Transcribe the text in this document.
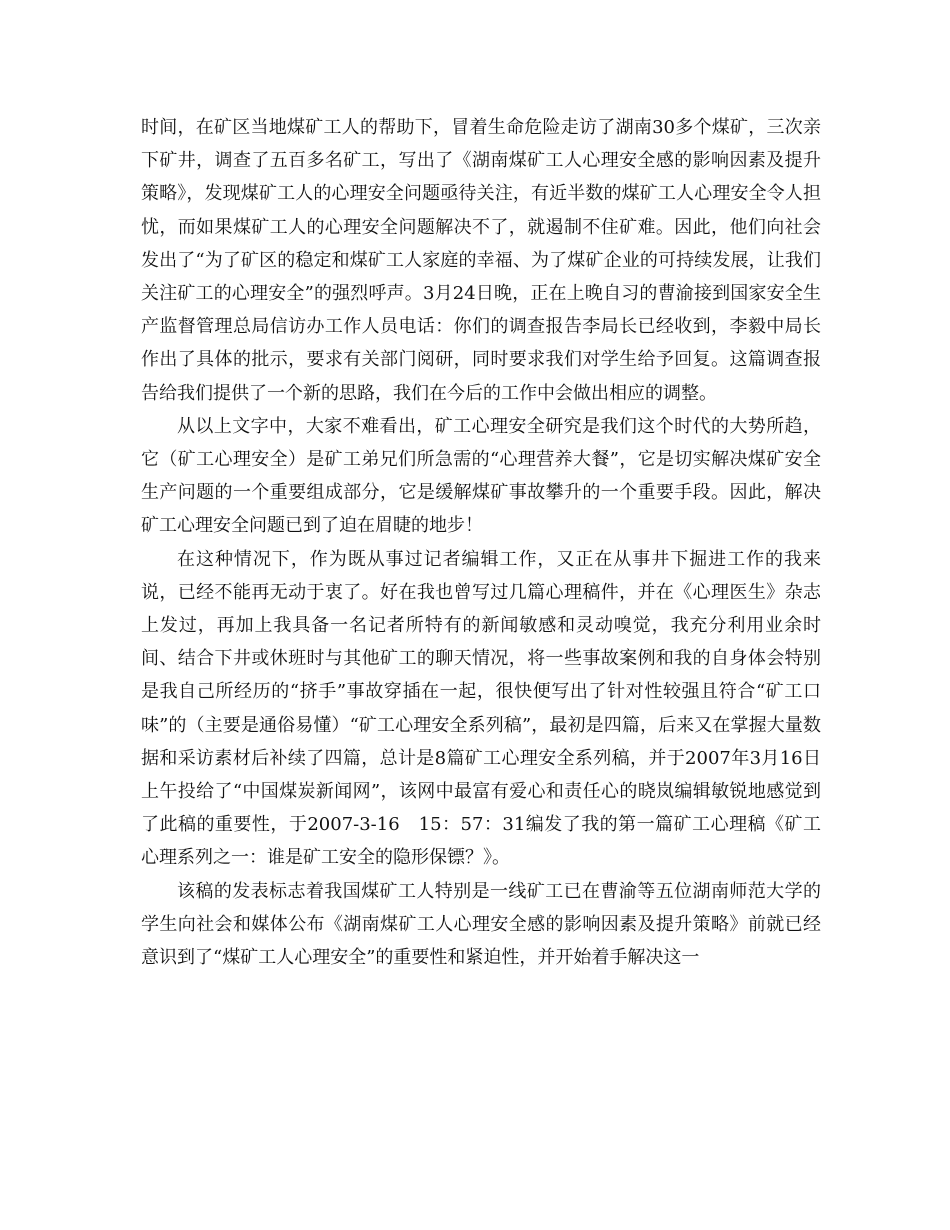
时间，在矿区当地煤矿工人的帮助下，冒着生命危险走访了湖南30多个煤矿，三次亲下矿井，调查了五百多名矿工，写出了《湖南煤矿工人心理安全感的影响因素及提升策略》，发现煤矿工人的心理安全问题亟待关注，有近半数的煤矿工人心理安全令人担忧，而如果煤矿工人的心理安全问题解决不了，就遏制不住矿难。因此，他们向社会发出了“为了矿区的稳定和煤矿工人家庭的幸福、为了煤矿企业的可持续发展，让我们关注矿工的心理安全”的强烈呼声。3月24日晚，正在上晚自习的曹渝接到国家安全生产监督管理总局信访办工作人员电话：你们的调查报告李局长已经收到，李毅中局长作出了具体的批示，要求有关部门阅研，同时要求我们对学生给予回复。这篇调查报告给我们提供了一个新的思路，我们在今后的工作中会做出相应的调整。

从以上文字中，大家不难看出，矿工心理安全研究是我们这个时代的大势所趋，它（矿工心理安全）是矿工弟兄们所急需的“心理营养大餐”，它是切实解决煤矿安全生产问题的一个重要组成部分，它是缓解煤矿事故攀升的一个重要手段。因此，解决矿工心理安全问题已到了迫在眉睫的地步！

在这种情况下，作为既从事过记者编辑工作，又正在从事井下掘进工作的我来说，已经不能再无动于衷了。好在我也曾写过几篇心理稿件，并在《心理医生》杂志上发过，再加上我具备一名记者所特有的新闻敏感和灵动嗅觉，我充分利用业余时间、结合下井或休班时与其他矿工的聊天情况，将一些事故案例和我的自身体会特别是我自己所经历的“挤手”事故穿插在一起，很快便写出了针对性较强且符合“矿工口味”的（主要是通俗易懂）“矿工心理安全系列稿”，最初是四篇，后来又在掌握大量数据和采访素材后补续了四篇，总计是8篇矿工心理安全系列稿，并于2007年3月16日上午投给了“中国煤炭新闻网”，该网中最富有爱心和责任心的晓岚编辑敏锐地感觉到了此稿的重要性，于2007-3-16　15：57：31编发了我的第一篇矿工心理稿《矿工心理系列之一：谁是矿工安全的隐形保镖？》。

该稿的发表标志着我国煤矿工人特别是一线矿工已在曹渝等五位湖南师范大学的学生向社会和媒体公布《湖南煤矿工人心理安全感的影响因素及提升策略》前就已经意识到了“煤矿工人心理安全”的重要性和紧迫性，并开始着手解决这一
